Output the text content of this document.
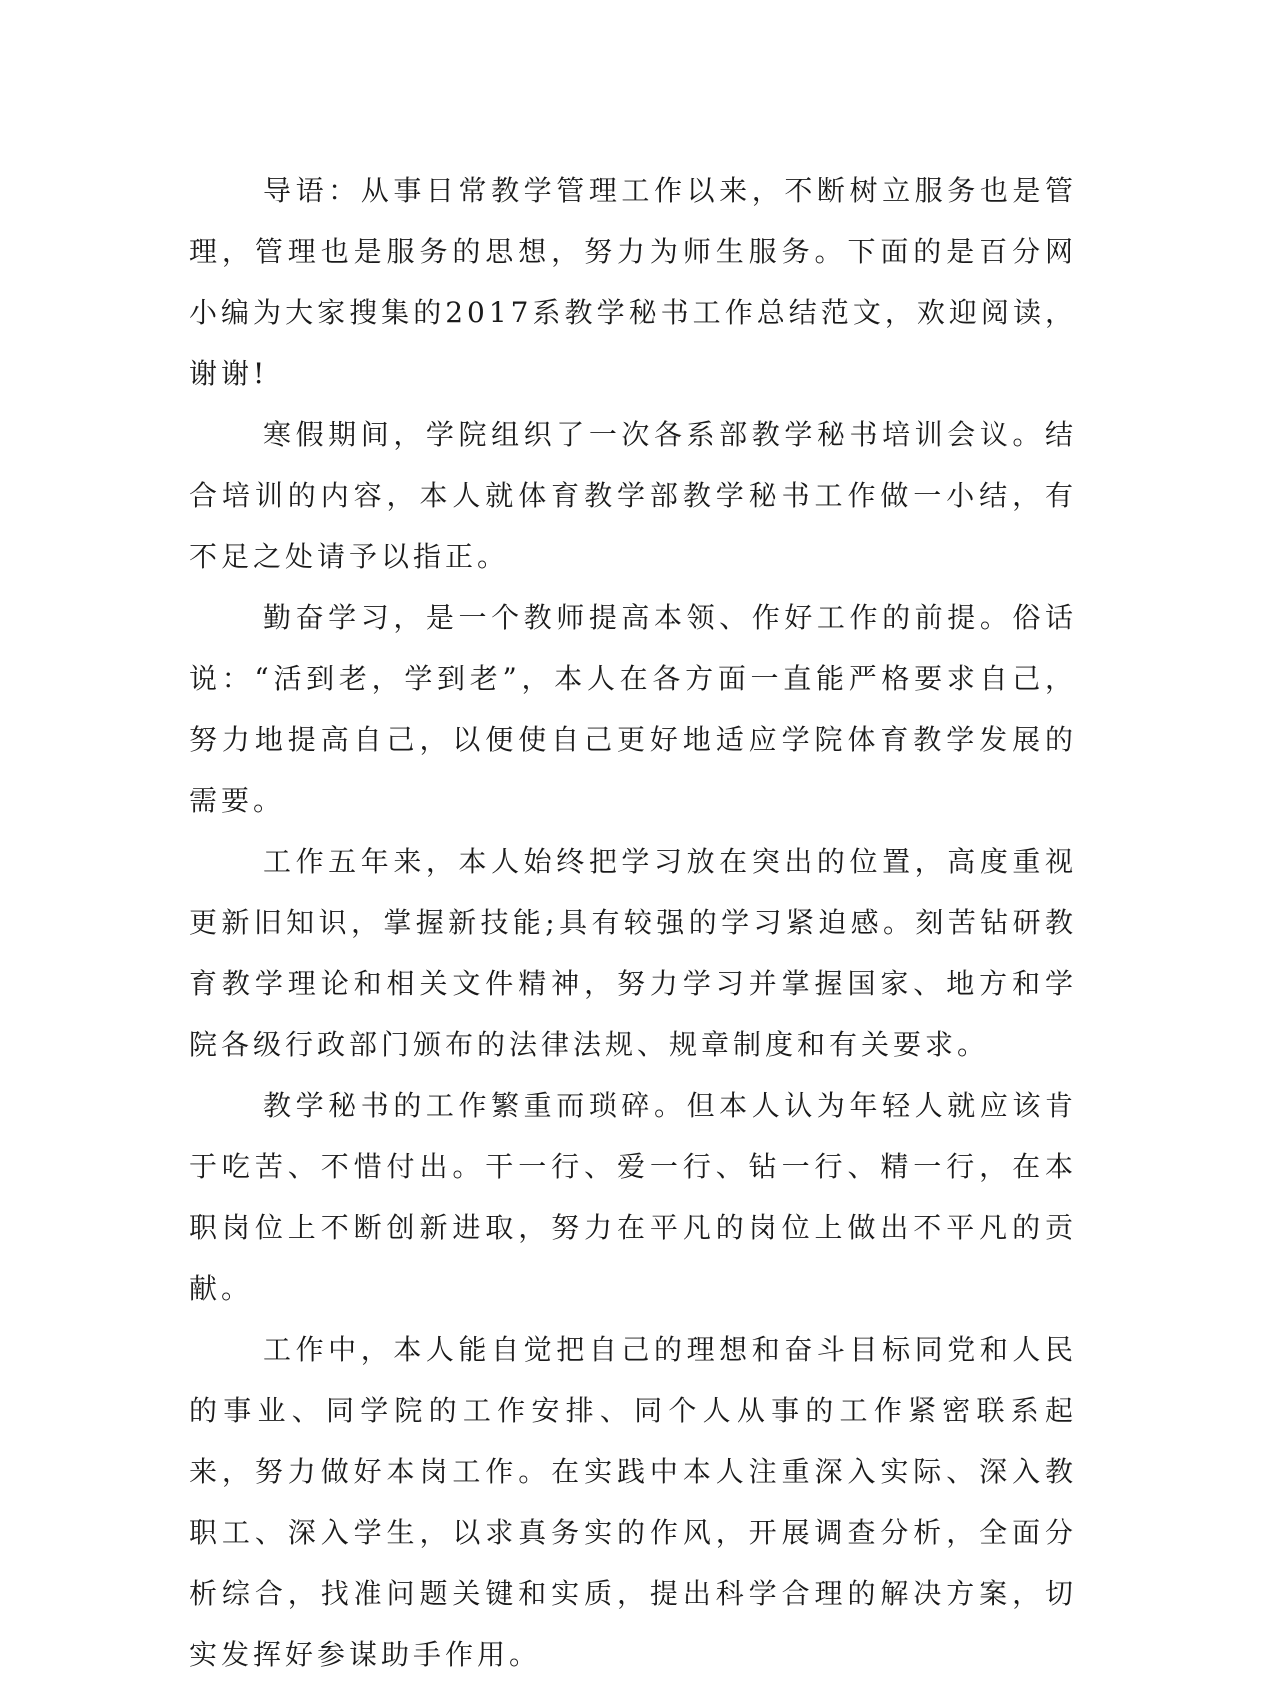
导语：从事日常教学管理工作以来，不断树立服务也是管理，管理也是服务的思想，努力为师生服务。下面的是百分网小编为大家搜集的2017系教学秘书工作总结范文，欢迎阅读，谢谢!

寒假期间，学院组织了一次各系部教学秘书培训会议。结合培训的内容，本人就体育教学部教学秘书工作做一小结，有不足之处请予以指正。

勤奋学习，是一个教师提高本领、作好工作的前提。俗话说：“活到老，学到老”，本人在各方面一直能严格要求自己，努力地提高自己，以便使自己更好地适应学院体育教学发展的需要。

工作五年来，本人始终把学习放在突出的位置，高度重视更新旧知识，掌握新技能;具有较强的学习紧迫感。刻苦钻研教育教学理论和相关文件精神，努力学习并掌握国家、地方和学院各级行政部门颁布的法律法规、规章制度和有关要求。

教学秘书的工作繁重而琐碎。但本人认为年轻人就应该肯于吃苦、不惜付出。干一行、爱一行、钻一行、精一行，在本职岗位上不断创新进取，努力在平凡的岗位上做出不平凡的贡献。

工作中，本人能自觉把自己的理想和奋斗目标同党和人民的事业、同学院的工作安排、同个人从事的工作紧密联系起来，努力做好本岗工作。在实践中本人注重深入实际、深入教职工、深入学生，以求真务实的作风，开展调查分析，全面分析综合，找准问题关键和实质，提出科学合理的解决方案，切实发挥好参谋助手作用。
